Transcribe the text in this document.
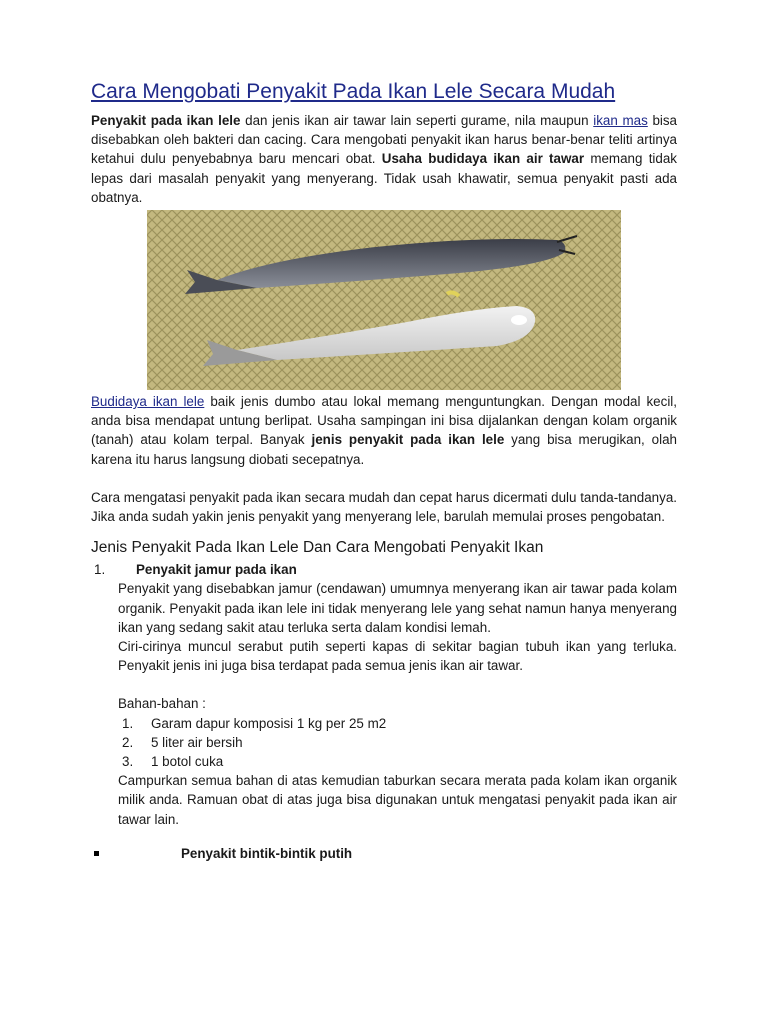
Cara Mengobati Penyakit Pada Ikan Lele Secara Mudah

Penyakit pada ikan lele dan jenis ikan air tawar lain seperti gurame, nila maupun ikan mas bisa disebabkan oleh bakteri dan cacing. Cara mengobati penyakit ikan harus benar-benar teliti artinya ketahui dulu penyebabnya baru mencari obat. Usaha budidaya ikan air tawar memang tidak lepas dari masalah penyakit yang menyerang. Tidak usah khawatir, semua penyakit pasti ada obatnya.

Budidaya ikan lele baik jenis dumbo atau lokal memang menguntungkan. Dengan modal kecil, anda bisa mendapat untung berlipat. Usaha sampingan ini bisa dijalankan dengan kolam organik (tanah) atau kolam terpal. Banyak jenis penyakit pada ikan lele yang bisa merugikan, olah karena itu harus langsung diobati secepatnya.

Cara mengatasi penyakit pada ikan secara mudah dan cepat harus dicermati dulu tanda-tandanya. Jika anda sudah yakin jenis penyakit yang menyerang lele, barulah memulai proses pengobatan.

Jenis Penyakit Pada Ikan Lele Dan Cara Mengobati Penyakit Ikan
1. Penyakit jamur pada ikan

Penyakit yang disebabkan jamur (cendawan) umumnya menyerang ikan air tawar pada kolam organik. Penyakit pada ikan lele ini tidak menyerang lele yang sehat namun hanya menyerang ikan yang sedang sakit atau terluka serta dalam kondisi lemah.

Ciri-cirinya muncul serabut putih seperti kapas di sekitar bagian tubuh ikan yang terluka. Penyakit jenis ini juga bisa terdapat pada semua jenis ikan air tawar.

Bahan-bahan :

1. Garam dapur komposisi 1 kg per 25 m2
2. 5 liter air bersih
3. 1 botol cuka

Campurkan semua bahan di atas kemudian taburkan secara merata pada kolam ikan organik milik anda. Ramuan obat di atas juga bisa digunakan untuk mengatasi penyakit pada ikan air tawar lain.

Penyakit bintik-bintik putih
